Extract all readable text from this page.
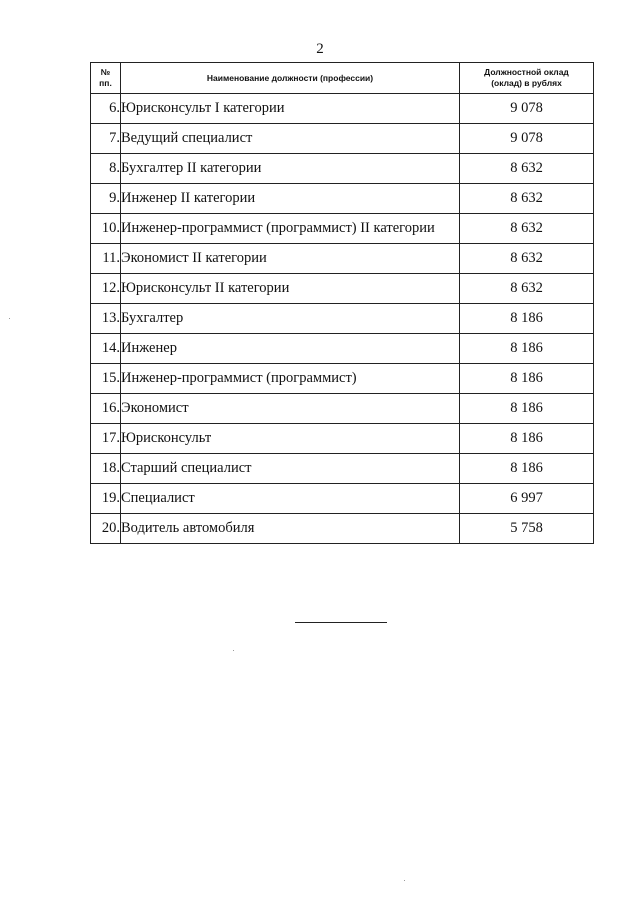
2
№
пп.	Наименование должности (профессии)	Должностной оклад
(оклад) в рублях
6.	Юрисконсульт I категории	9 078
7.	Ведущий специалист	9 078
8.	Бухгалтер II категории	8 632
9.	Инженер II категории	8 632
10.	Инженер-программист (программист) II категории	8 632
11.	Экономист II категории	8 632
12.	Юрисконсульт II категории	8 632
13.	Бухгалтер	8 186
14.	Инженер	8 186
15.	Инженер-программист (программист)	8 186
16.	Экономист	8 186
17.	Юрисконсульт	8 186
18.	Старший специалист	8 186
19.	Специалист	6 997
20.	Водитель автомобиля	5 758
